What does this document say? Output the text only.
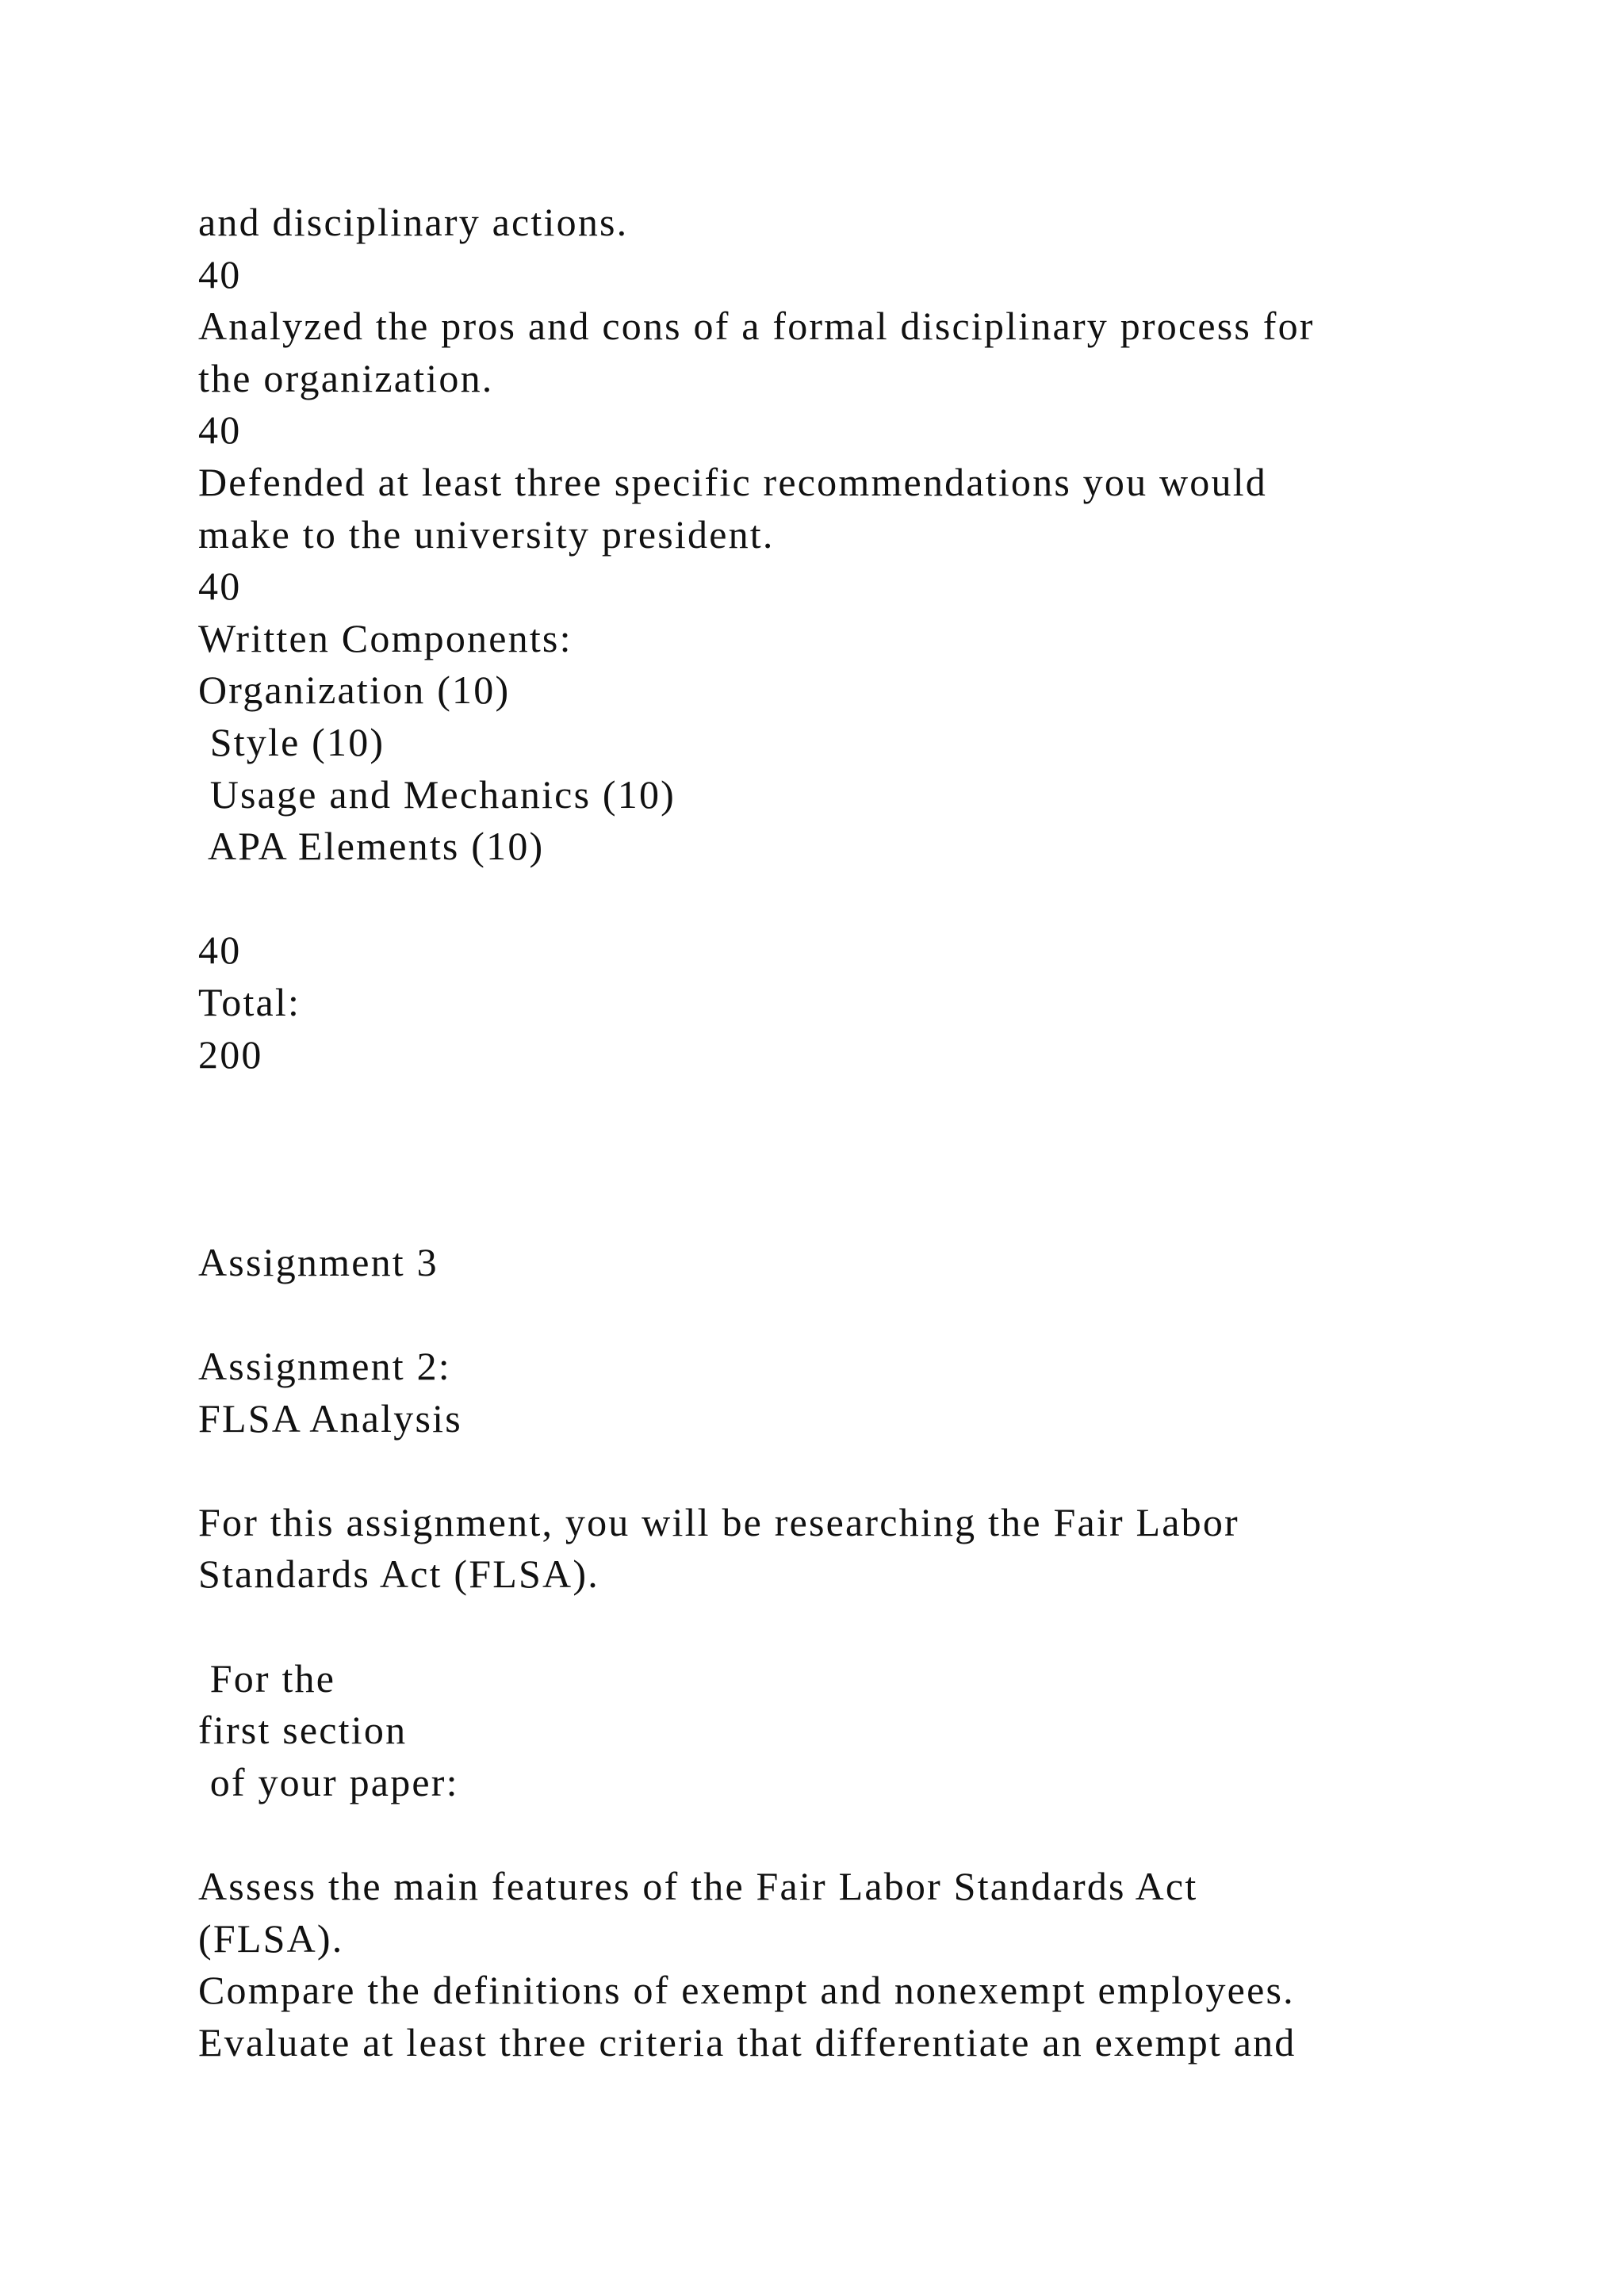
and disciplinary actions.
40
Analyzed the pros and cons of a formal disciplinary process for
the organization.
40
Defended at least three specific recommendations you would
make to the university president.
40
Written Components:
Organization (10)
Style (10)
Usage and Mechanics (10)
APA Elements (10)
40
Total:
200
Assignment 3
Assignment 2:
FLSA Analysis
For this assignment, you will be researching the Fair Labor
Standards Act (FLSA).
For the
first section
of your paper:
Assess the main features of the Fair Labor Standards Act
(FLSA).
Compare the definitions of exempt and nonexempt employees.
Evaluate at least three criteria that differentiate an exempt and
